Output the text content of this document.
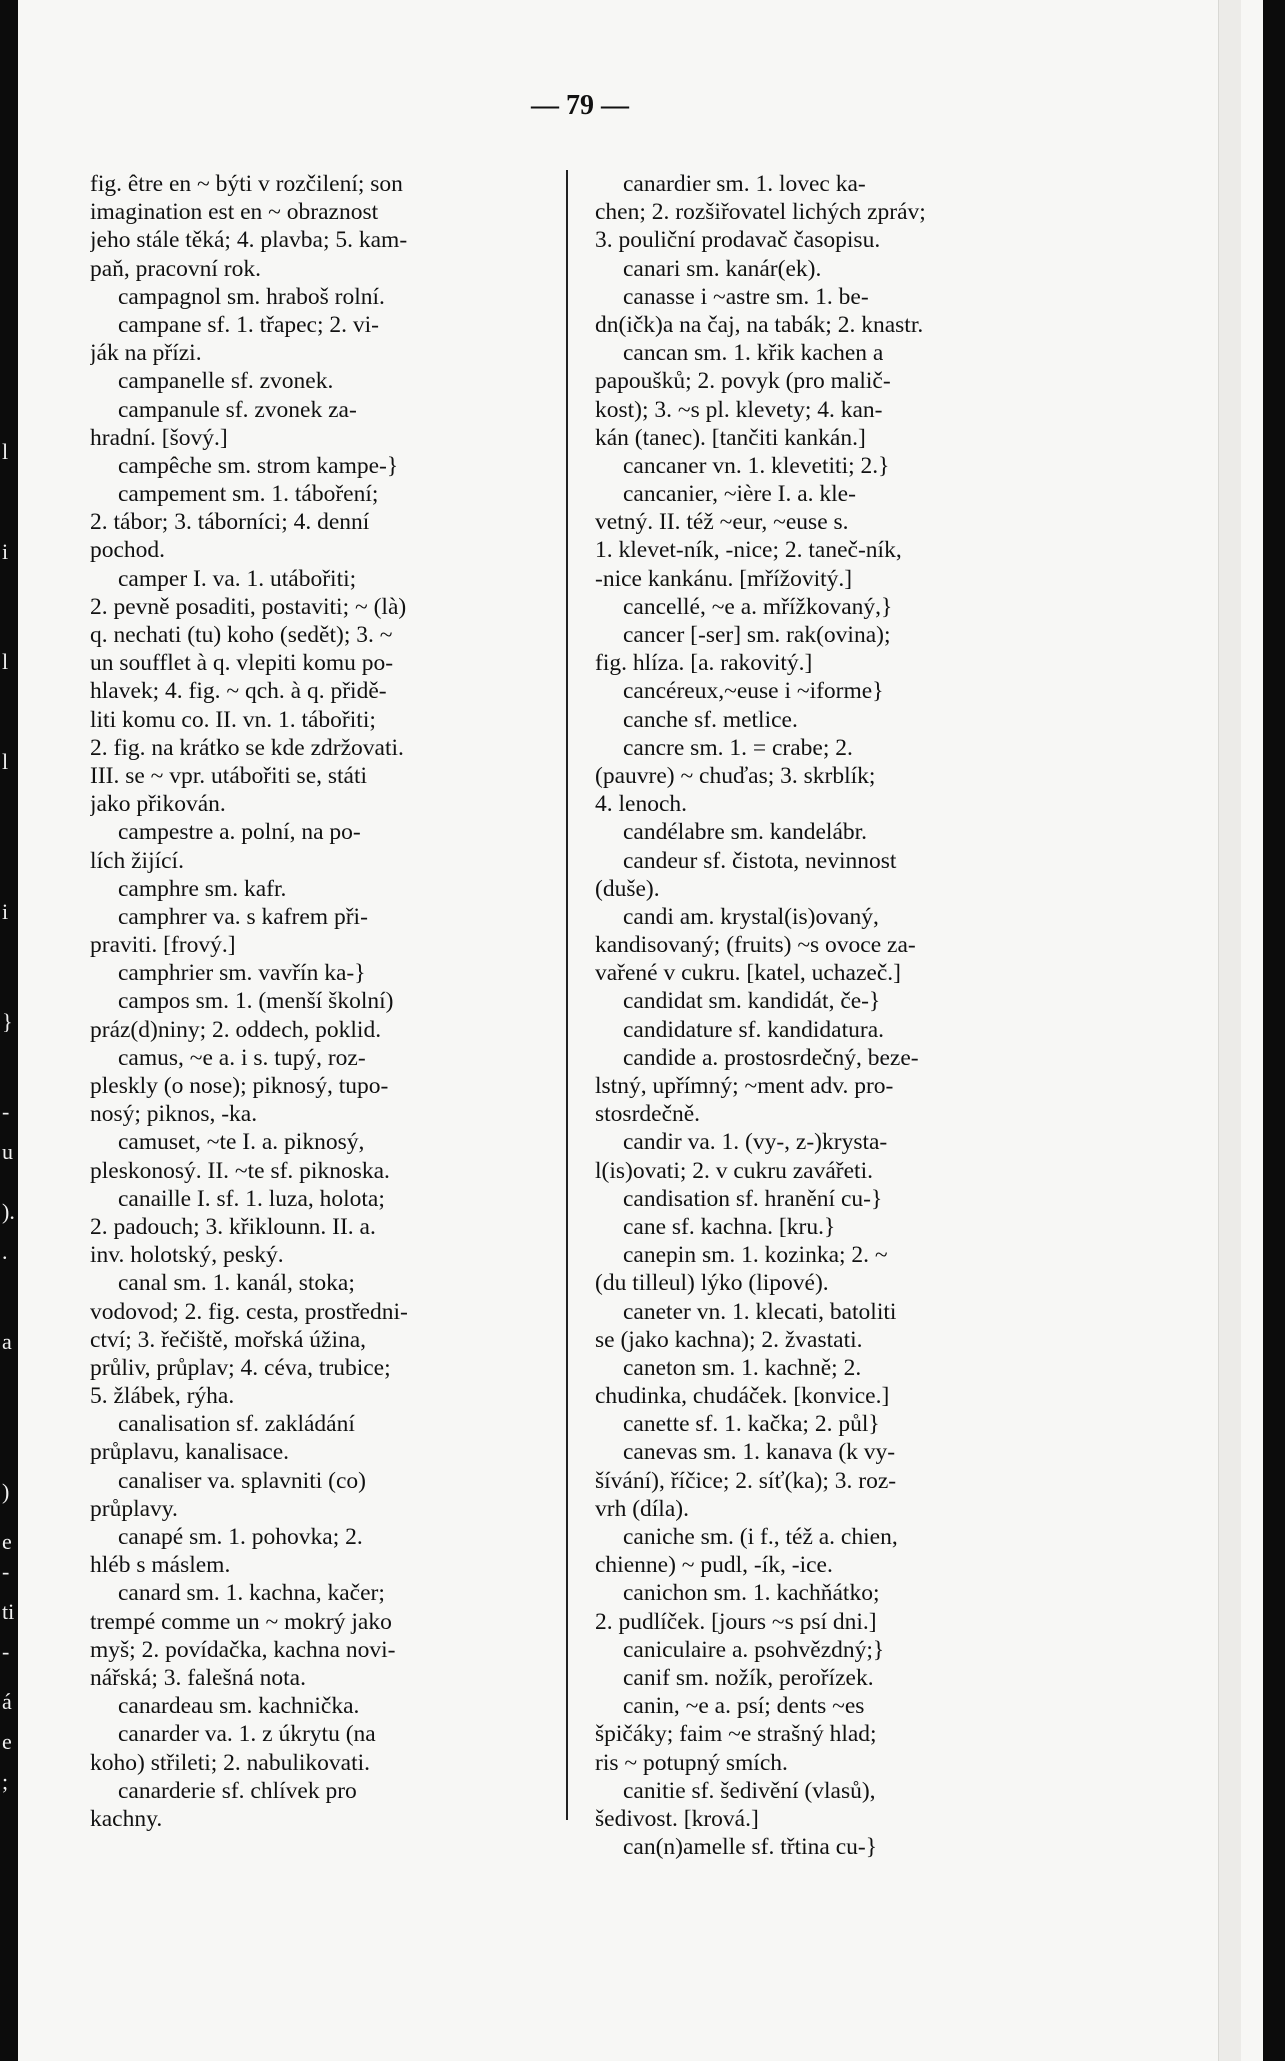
l
i
l
l
i
}
-
u
).
.
a
)
e
-
ti
-
á
e
;
— 79 —
fig. être en ~ býti v rozčilení; son
imagination est en ~ obraznost
jeho stále těká; 4. plavba; 5. kam-
paň, pracovní rok.
campagnol sm. hraboš rolní.
campane sf. 1. třapec; 2. vi-
ják na přízi.
campanelle sf. zvonek.
campanule sf. zvonek za-
hradní. [šový.]
campêche sm. strom kampe-}
campement sm. 1. táboření;
2. tábor; 3. táborníci; 4. denní
pochod.
camper I. va. 1. utábořiti;
2. pevně posaditi, postaviti; ~ (là)
q. nechati (tu) koho (sedět); 3. ~
un soufflet à q. vlepiti komu po-
hlavek; 4. fig. ~ qch. à q. přidě-
liti komu co. II. vn. 1. tábořiti;
2. fig. na krátko se kde zdržovati.
III. se ~ vpr. utábořiti se, státi
jako přikován.
campestre a. polní, na po-
lích žijící.
camphre sm. kafr.
camphrer va. s kafrem při-
praviti. [frový.]
camphrier sm. vavřín ka-}
campos sm. 1. (menší školní)
práz(d)niny; 2. oddech, poklid.
camus, ~e a. i s. tupý, roz-
pleskly (o nose); piknosý, tupo-
nosý; piknos, -ka.
camuset, ~te I. a. piknosý,
pleskonosý. II. ~te sf. piknoska.
canaille I. sf. 1. luza, holota;
2. padouch; 3. křiklounn. II. a.
inv. holotský, peský.
canal sm. 1. kanál, stoka;
vodovod; 2. fig. cesta, prostředni-
ctví; 3. řečiště, mořská úžina,
průliv, průplav; 4. céva, trubice;
5. žlábek, rýha.
canalisation sf. zakládání
průplavu, kanalisace.
canaliser va. splavniti (co)
průplavy.
canapé sm. 1. pohovka; 2.
hléb s máslem.
canard sm. 1. kachna, kačer;
trempé comme un ~ mokrý jako
myš; 2. povídačka, kachna novi-
nářská; 3. falešná nota.
canardeau sm. kachnička.
canarder va. 1. z úkrytu (na
koho) střileti; 2. nabulikovati.
canarderie sf. chlívek pro
kachny.
canardier sm. 1. lovec ka-
chen; 2. rozšiřovatel lichých zpráv;
3. pouliční prodavač časopisu.
canari sm. kanár(ek).
canasse i ~astre sm. 1. be-
dn(ičk)a na čaj, na tabák; 2. knastr.
cancan sm. 1. křik kachen a
papoušků; 2. povyk (pro malič-
kost); 3. ~s pl. klevety; 4. kan-
kán (tanec). [tančiti kankán.]
cancaner vn. 1. klevetiti; 2.}
cancanier, ~ière I. a. kle-
vetný. II. též ~eur, ~euse s.
1. klevet-ník, -nice; 2. taneč-ník,
-nice kankánu. [mřížovitý.]
cancellé, ~e a. mřížkovaný,}
cancer [-ser] sm. rak(ovina);
fig. hlíza. [a. rakovitý.]
cancéreux,~euse i ~iforme}
canche sf. metlice.
cancre sm. 1. = crabe; 2.
(pauvre) ~ chuďas; 3. skrblík;
4. lenoch.
candélabre sm. kandelábr.
candeur sf. čistota, nevinnost
(duše).
candi am. krystal(is)ovaný,
kandisovaný; (fruits) ~s ovoce za-
vařené v cukru. [katel, uchazeč.]
candidat sm. kandidát, če-}
candidature sf. kandidatura.
candide a. prostosrdečný, beze-
lstný, upřímný; ~ment adv. pro-
stosrdečně.
candir va. 1. (vy-, z-)krysta-
l(is)ovati; 2. v cukru zavářeti.
candisation sf. hranění cu-}
cane sf. kachna. [kru.}
canepin sm. 1. kozinka; 2. ~
(du tilleul) lýko (lipové).
caneter vn. 1. klecati, batoliti
se (jako kachna); 2. žvastati.
caneton sm. 1. kachně; 2.
chudinka, chudáček. [konvice.]
canette sf. 1. kačka; 2. půl}
canevas sm. 1. kanava (k vy-
šívání), říčice; 2. síť(ka); 3. roz-
vrh (díla).
caniche sm. (i f., též a. chien,
chienne) ~ pudl, -ík, -ice.
canichon sm. 1. kachňátko;
2. pudlíček. [jours ~s psí dni.]
caniculaire a. psohvězdný;}
canif sm. nožík, perořízek.
canin, ~e a. psí; dents ~es
špičáky; faim ~e strašný hlad;
ris ~ potupný smích.
canitie sf. šedivění (vlasů),
šedivost. [krová.]
can(n)amelle sf. třtina cu-}
